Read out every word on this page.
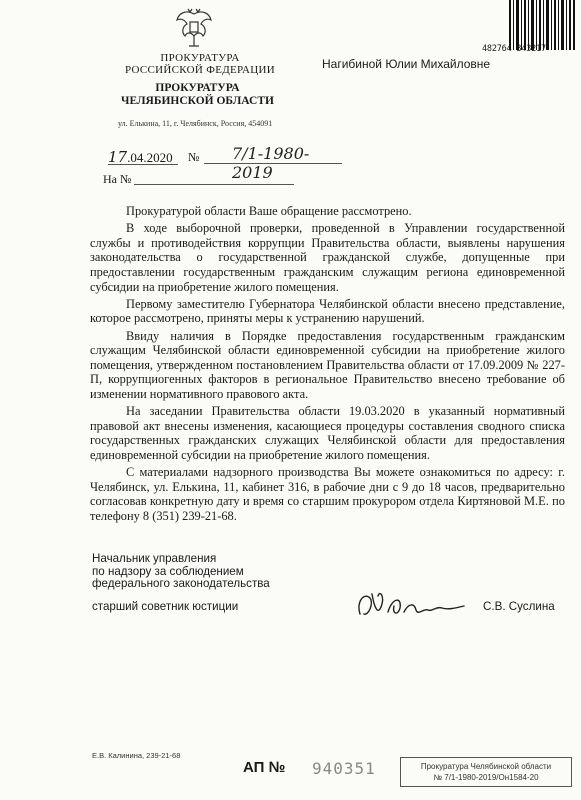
ПРОКУРАТУРА
РОССИЙСКОЙ ФЕДЕРАЦИИ
ПРОКУРАТУРА
ЧЕЛЯБИНСКОЙ ОБЛАСТИ
ул. Елькина, 11, г. Челябинск, Россия, 454091
482764 343217
Нагибиной Юлии Михайловне
17.04.2020	№	7/1-1980-2019
На №

Прокуратурой области Ваше обращение рассмотрено.

В ходе выборочной проверки, проведенной в Управлении государственной службы и противодействия коррупции Правительства области, выявлены нарушения законодательства о государственной гражданской службе, допущенные при предоставлении государственным гражданским служащим региона единовременной субсидии на приобретение жилого помещения.

Первому заместителю Губернатора Челябинской области внесено представление, которое рассмотрено, приняты меры к устранению нарушений.

Ввиду наличия в Порядке предоставления государственным гражданским служащим Челябинской области единовременной субсидии на приобретение жилого помещения, утвержденном постановлением Правительства области от 17.09.2009 № 227-П, коррупциогенных факторов в региональное Правительство внесено требование об изменении нормативного правового акта.

На заседании Правительства области 19.03.2020 в указанный нормативный правовой акт внесены изменения, касающиеся процедуры составления сводного списка государственных гражданских служащих Челябинской области для предоставления единовременной субсидии на приобретение жилого помещения.

С материалами надзорного производства Вы можете ознакомиться по адресу: г. Челябинск, ул. Елькина, 11, кабинет 316, в рабочие дни с 9 до 18 часов, предварительно согласовав конкретную дату и время со старшим прокурором отдела Киртяновой М.Е. по телефону 8 (351) 239-21-68.

Начальник управления
по надзору за соблюдением
федерального законодательства
старший советник юстиции	С.В. Суслина
Е.В. Калинина, 239-21-68
АП № 940351	Прокуратура Челябинской области
№ 7/1-1980-2019/Он1584-20
